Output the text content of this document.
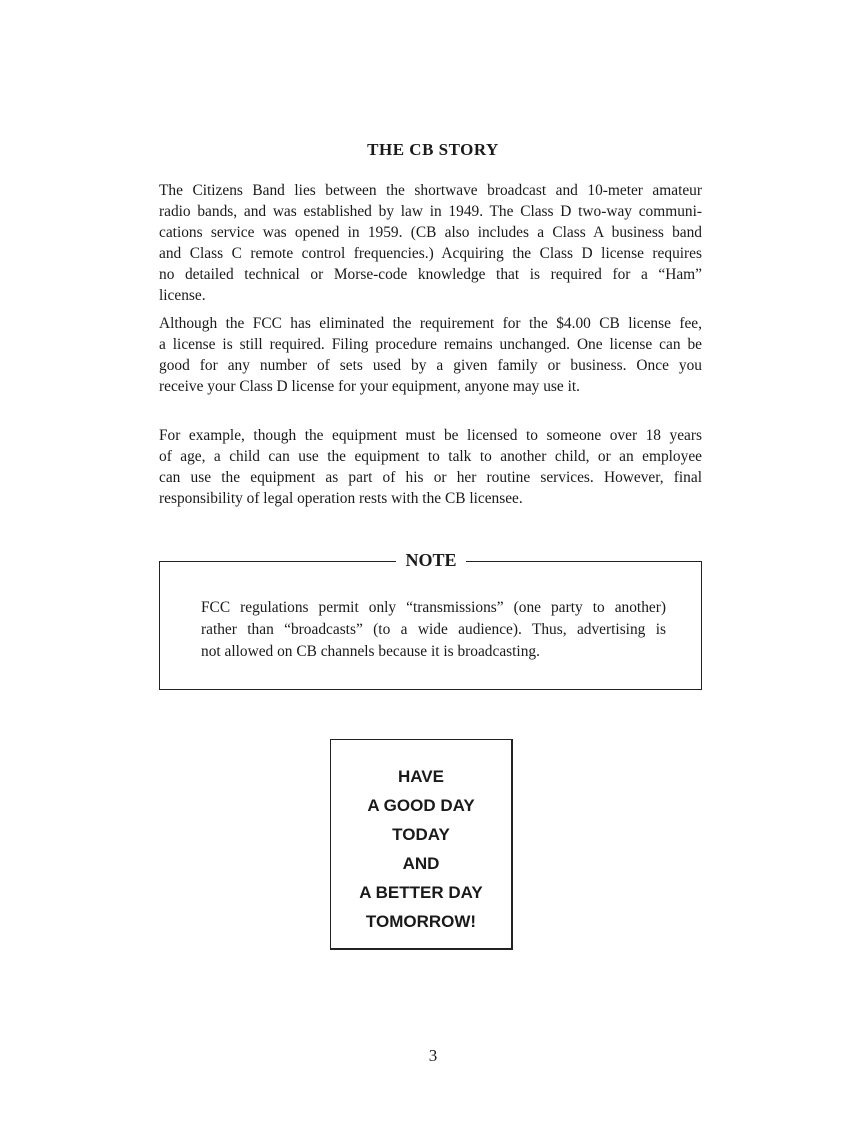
THE CB STORY
The Citizens Band lies between the shortwave broadcast and 10-meter amateur
radio bands, and was established by law in 1949. The Class D two-way communi-
cations service was opened in 1959. (CB also includes a Class A business band
and Class C remote control frequencies.) Acquiring the Class D license requires
no detailed technical or Morse-code knowledge that is required for a “Ham”
license.
Although the FCC has eliminated the requirement for the $4.00 CB license fee,
a license is still required. Filing procedure remains unchanged. One license can be
good for any number of sets used by a given family or business. Once you
receive your Class D license for your equipment, anyone may use it.
For example, though the equipment must be licensed to someone over 18 years
of age, a child can use the equipment to talk to another child, or an employee
can use the equipment as part of his or her routine services. However, final
responsibility of legal operation rests with the CB licensee.
NOTE
FCC regulations permit only “transmissions” (one party to another)
rather than “broadcasts” (to a wide audience). Thus, advertising is
not allowed on CB channels because it is broadcasting.
HAVE
A GOOD DAY
TODAY
AND
A BETTER DAY
TOMORROW!
3
